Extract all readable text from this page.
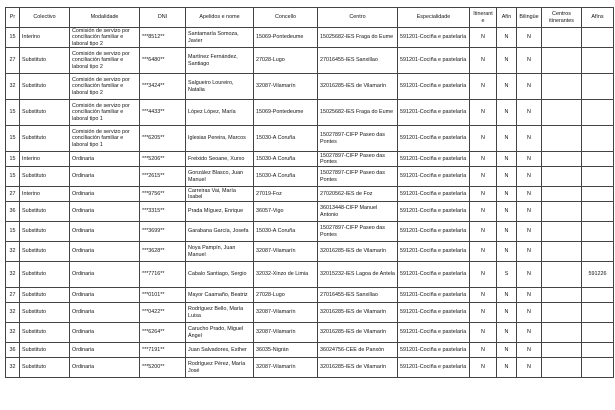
Pr	Colectivo	Modalidade	DNI	Apelidos e nome	Concello	Centro	Especialidade	Itinerante	Afín	Bilingüe	Centros itinerantes	Afíns
15	Interino	Comisión de servizo por conciliación familiar e laboral tipo 2	***8512**	Santamaría Somoza, Javier	15069-Pontedeume	15025682-IES Fraga do Eume	591201-Cociña e pastelaría	N	N	N		
27	Substituto	Comisión de servizo por conciliación familiar e laboral tipo 2	***6480**	Martínez Fernández, Santiago	27028-Lugo	27016455-IES Sanxillao	591201-Cociña e pastelaría	N	N	N		
32	Substituto	Comisión de servizo por conciliación familiar e laboral tipo 2	***3424**	Salgueiro Loureiro, Natalia	32087-Vilamarín	32016285-IES de Vilamarín	591201-Cociña e pastelaría	N	N	N		
15	Substituto	Comisión de servizo por conciliación familiar e laboral tipo 1	***4433**	López López, María	15069-Pontedeume	15025682-IES Fraga do Eume	591201-Cociña e pastelaría	N	N	N		
15	Substituto	Comisión de servizo por conciliación familiar e laboral tipo 1	***6205**	Iglesias Pereira, Marcos	15030-A Coruña	15027897-CIFP Paseo das Pontes	591201-Cociña e pastelaría	N	N	N		
15	Interino	Ordinaria	***5206**	Freixido Seoane, Xurxo	15030-A Coruña	15027897-CIFP Paseo das Pontes	591201-Cociña e pastelaría	N	N	N		
15	Substituto	Ordinaria	***2615**	González Blasco, Juan Manuel	15030-A Coruña	15027897-CIFP Paseo das Pontes	591201-Cociña e pastelaría	N	N	N		
27	Interino	Ordinaria	***9756**	Carreiras Vai, María Isabel	27019-Foz	27020562-IES de Foz	591201-Cociña e pastelaría	N	N	N		
36	Substituto	Ordinaria	***3315**	Prada Míguez, Enrique	36057-Vigo	36013448-CIFP Manuel Antonio	591201-Cociña e pastelaría	N	N	N		
15	Substituto	Ordinaria	***3699**	Garabana García, Josefa	15030-A Coruña	15027897-CIFP Paseo das Pontes	591201-Cociña e pastelaría	N	N	N		
32	Substituto	Ordinaria	***3628**	Noya Pampín, Juan Manuel	32087-Vilamarín	32016285-IES de Vilamarín	591201-Cociña e pastelaría	N	N	N		
32	Substituto	Ordinaria	***7716**	Cabalo Santiago, Sergio	32032-Xinzo de Limia	32015232-IES Lagoa de Antela	591201-Cociña e pastelaría	N	S	N		591226
27	Substituto	Ordinaria	***0101**	Mayor Caamaño, Beatriz	27028-Lugo	27016455-IES Sanxillao	591201-Cociña e pastelaría	N	N	N		
32	Substituto	Ordinaria	***0422**	Rodríguez Bello, María Luisa	32087-Vilamarín	32016285-IES de Vilamarín	591201-Cociña e pastelaría	N	N	N		
32	Substituto	Ordinaria	***6264**	Carucho Prado, Miguel Ángel	32087-Vilamarín	32016285-IES de Vilamarín	591201-Cociña e pastelaría	N	N	N		
36	Substituto	Ordinaria	***7191**	Juan Salvadores, Esther	36035-Nigrán	36024756-CEE de Panxón	591201-Cociña e pastelaría	N	N	N		
32	Substituto	Ordinaria	***5200**	Rodríguez Pérez, María José	32087-Vilamarín	32016285-IES de Vilamarín	591201-Cociña e pastelaría	N	N	N		
